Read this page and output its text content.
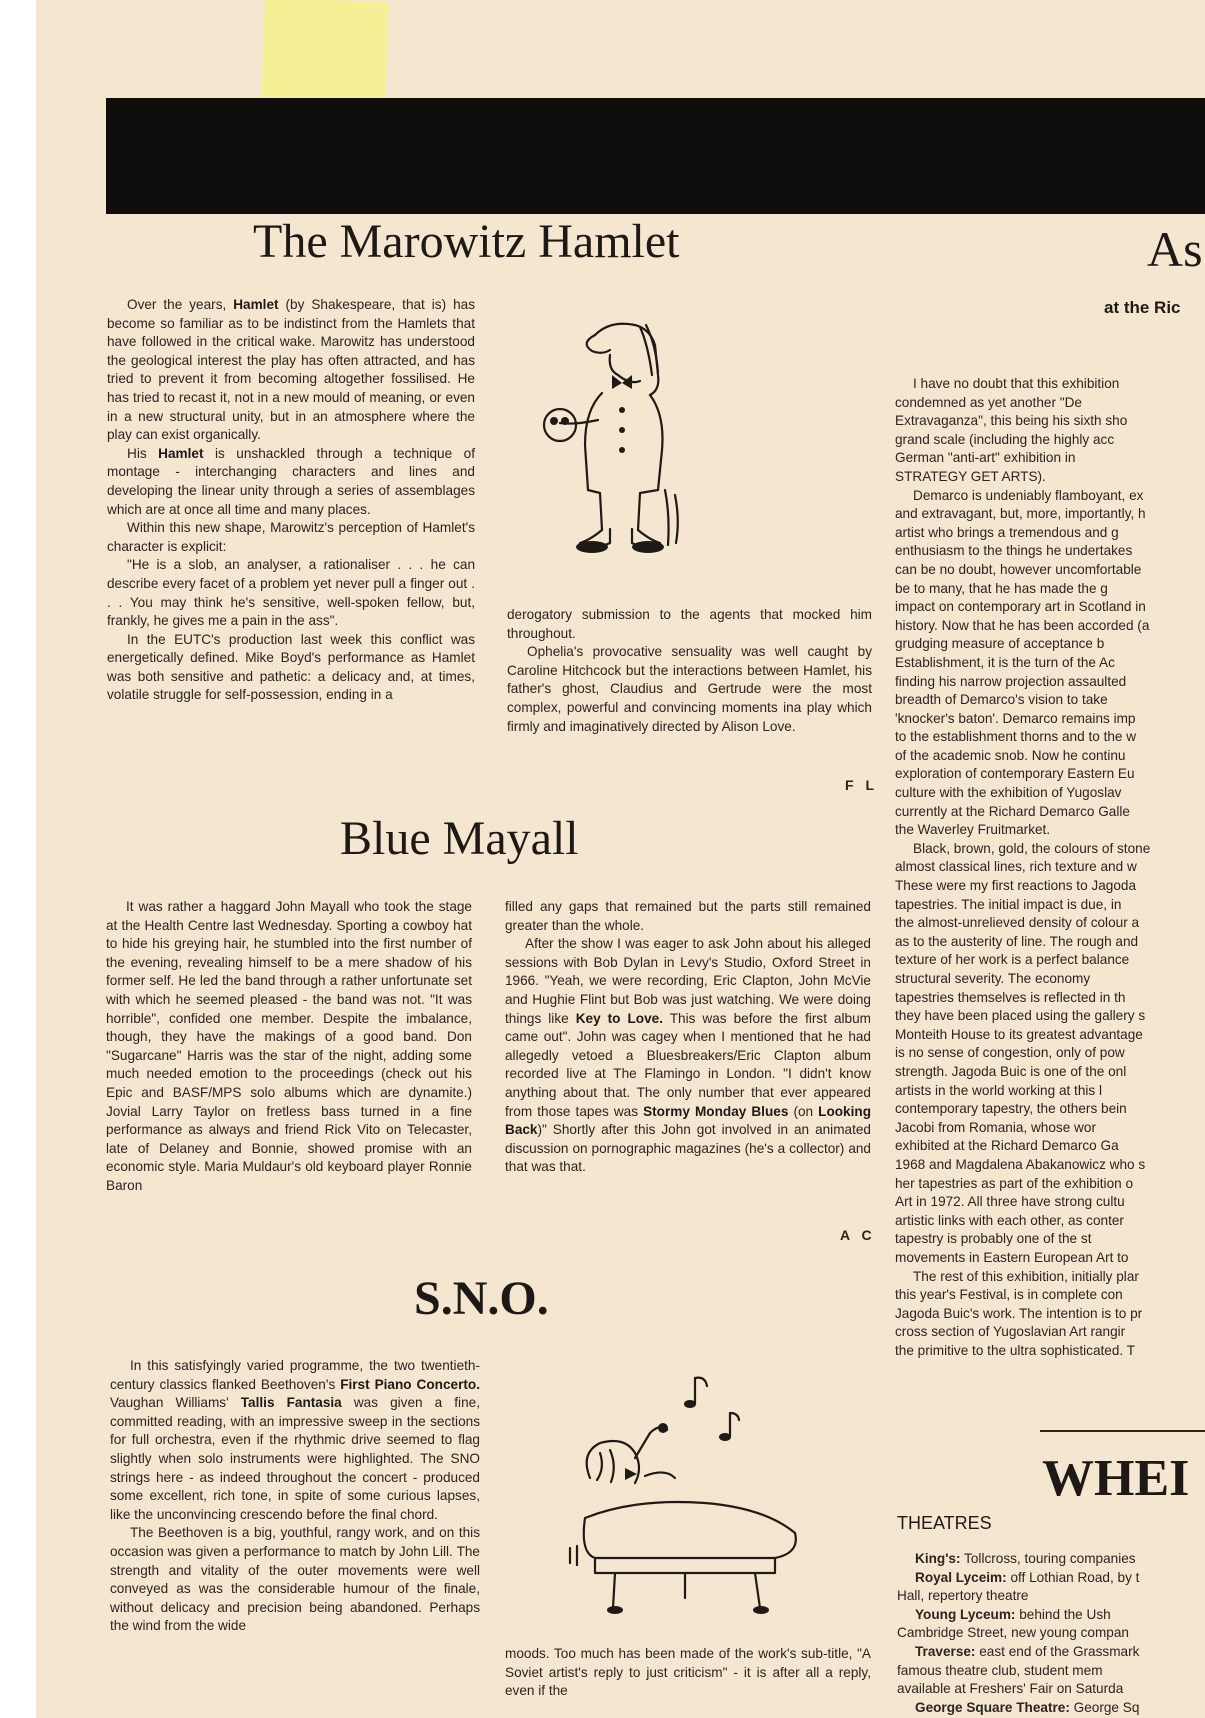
The Marowitz Hamlet

Over the years, Hamlet (by Shakespeare, that is) has become so familiar as to be indistinct from the Hamlets that have followed in the critical wake. Marowitz has understood the geological interest the play has often attracted, and has tried to prevent it from becoming altogether fossilised. He has tried to recast it, not in a new mould of meaning, or even in a new structural unity, but in an atmosphere where the play can exist organically.

His Hamlet is unshackled through a technique of montage - interchanging characters and lines and developing the linear unity through a series of assemblages which are at once all time and many places.

Within this new shape, Marowitz's perception of Hamlet's character is explicit:

"He is a slob, an analyser, a rationaliser . . . he can describe every facet of a problem yet never pull a finger out . . . You may think he's sensitive, well-spoken fellow, but, frankly, he gives me a pain in the ass".

In the EUTC's production last week this conflict was energetically defined. Mike Boyd's performance as Hamlet was both sensitive and pathetic: a delicacy and, at times, volatile struggle for self-possession, ending in a

derogatory submission to the agents that mocked him throughout.

Ophelia's provocative sensuality was well caught by Caroline Hitchcock but the interactions between Hamlet, his father's ghost, Claudius and Gertrude were the most complex, powerful and convincing moments ina play which firmly and imaginatively directed by Alison Love.

F L
Blue Mayall

It was rather a haggard John Mayall who took the stage at the Health Centre last Wednesday. Sporting a cowboy hat to hide his greying hair, he stumbled into the first number of the evening, revealing himself to be a mere shadow of his former self. He led the band through a rather unfortunate set with which he seemed pleased - the band was not. "It was horrible", confided one member. Despite the imbalance, though, they have the makings of a good band. Don "Sugarcane" Harris was the star of the night, adding some much needed emotion to the proceedings (check out his Epic and BASF/MPS solo albums which are dynamite.) Jovial Larry Taylor on fretless bass turned in a fine performance as always and friend Rick Vito on Telecaster, late of Delaney and Bonnie, showed promise with an economic style. Maria Muldaur's old keyboard player Ronnie Baron

filled any gaps that remained but the parts still remained greater than the whole.

After the show I was eager to ask John about his alleged sessions with Bob Dylan in Levy's Studio, Oxford Street in 1966. "Yeah, we were recording, Eric Clapton, John McVie and Hughie Flint but Bob was just watching. We were doing things like Key to Love. This was before the first album came out". John was cagey when I mentioned that he had allegedly vetoed a Bluesbreakers/Eric Clapton album recorded live at The Flamingo in London. "I didn't know anything about that. The only number that ever appeared from those tapes was Stormy Monday Blues (on Looking Back)" Shortly after this John got involved in an animated discussion on pornographic magazines (he's a collector) and that was that.

A C
S.N.O.

In this satisfyingly varied programme, the two twentieth-century classics flanked Beethoven's First Piano Concerto. Vaughan Williams' Tallis Fantasia was given a fine, committed reading, with an impressive sweep in the sections for full orchestra, even if the rhythmic drive seemed to flag slightly when solo instruments were highlighted. The SNO strings here - as indeed throughout the concert - produced some excellent, rich tone, in spite of some curious lapses, like the unconvincing crescendo before the final chord.

The Beethoven is a big, youthful, rangy work, and on this occasion was given a performance to match by John Lill. The strength and vitality of the outer movements were well conveyed as was the considerable humour of the finale, without delicacy and precision being abandoned. Perhaps the wind from the wide

moods. Too much has been made of the work's sub-title, "A Soviet artist's reply to just criticism" - it is after all a reply, even if the

As
at the Ric

I have no doubt that this exhibition

condemned as yet another "De

Extravaganza", this being his sixth sho

grand scale (including the highly acc

German "anti-art" exhibition in

STRATEGY GET ARTS).

Demarco is undeniably flamboyant, ex

and extravagant, but, more, importantly, h

artist who brings a tremendous and g

enthusiasm to the things he undertakes

can be no doubt, however uncomfortable

be to many, that he has made the g

impact on contemporary art in Scotland in

history. Now that he has been accorded (a

grudging measure of acceptance b

Establishment, it is the turn of the Ac

finding his narrow projection assaulted

breadth of Demarco's vision to take

'knocker's baton'. Demarco remains imp

to the establishment thorns and to the w

of the academic snob. Now he continu

exploration of contemporary Eastern Eu

culture with the exhibition of Yugoslav

currently at the Richard Demarco Galle

the Waverley Fruitmarket.

Black, brown, gold, the colours of stone

almost classical lines, rich texture and w

These were my first reactions to Jagoda

tapestries. The initial impact is due, in

the almost-unrelieved density of colour a

as to the austerity of line. The rough and

texture of her work is a perfect balance

structural severity. The economy

tapestries themselves is reflected in th

they have been placed using the gallery s

Monteith House to its greatest advantage

is no sense of congestion, only of pow

strength. Jagoda Buic is one of the onl

artists in the world working at this l

contemporary tapestry, the others bein

Jacobi from Romania, whose wor

exhibited at the Richard Demarco Ga

1968 and Magdalena Abakanowicz who s

her tapestries as part of the exhibition o

Art in 1972. All three have strong cultu

artistic links with each other, as conter

tapestry is probably one of the st

movements in Eastern European Art to

The rest of this exhibition, initially plar

this year's Festival, is in complete con

Jagoda Buic's work. The intention is to pr

cross section of Yugoslavian Art rangir

the primitive to the ultra sophisticated. T

WHEI
THEATRES

King's: Tollcross, touring companies

Royal Lyceim: off Lothian Road, by t

Hall, repertory theatre

Young Lyceum: behind the Ush

Cambridge Street, new young compan

Traverse: east end of the Grassmark

famous theatre club, student mem

available at Freshers' Fair on Saturda

George Square Theatre: George Sq
